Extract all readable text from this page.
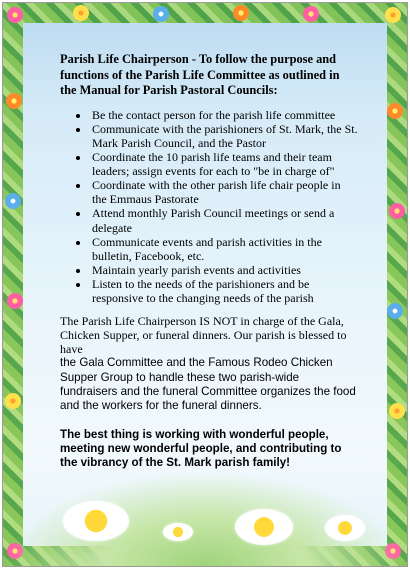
Parish Life Chairperson - To follow the purpose and functions of the Parish Life Committee as outlined in the Manual for Parish Pastoral Councils:

• Be the contact person for the parish life committee
• Communicate with the parishioners of St. Mark, the St. Mark Parish Council, and the Pastor
• Coordinate the 10 parish life teams and their team leaders; assign events for each to "be in charge of"
• Coordinate with the other parish life chair people in the Emmaus Pastorate
• Attend monthly Parish Council meetings or send a delegate
• Communicate events and parish activities in the bulletin, Facebook, etc.
• Maintain yearly parish events and activities
• Listen to the needs of the parishioners and be responsive to the changing needs of the parish

The Parish Life Chairperson IS NOT in charge of the Gala, Chicken Supper, or funeral dinners. Our parish is blessed to have

the Gala Committee and the Famous Rodeo Chicken Supper Group to handle these two parish-wide fundraisers and the funeral Committee organizes the food and the workers for the funeral dinners.

The best thing is working with wonderful people, meeting new wonderful people, and contributing to the vibrancy of the St. Mark parish family!
